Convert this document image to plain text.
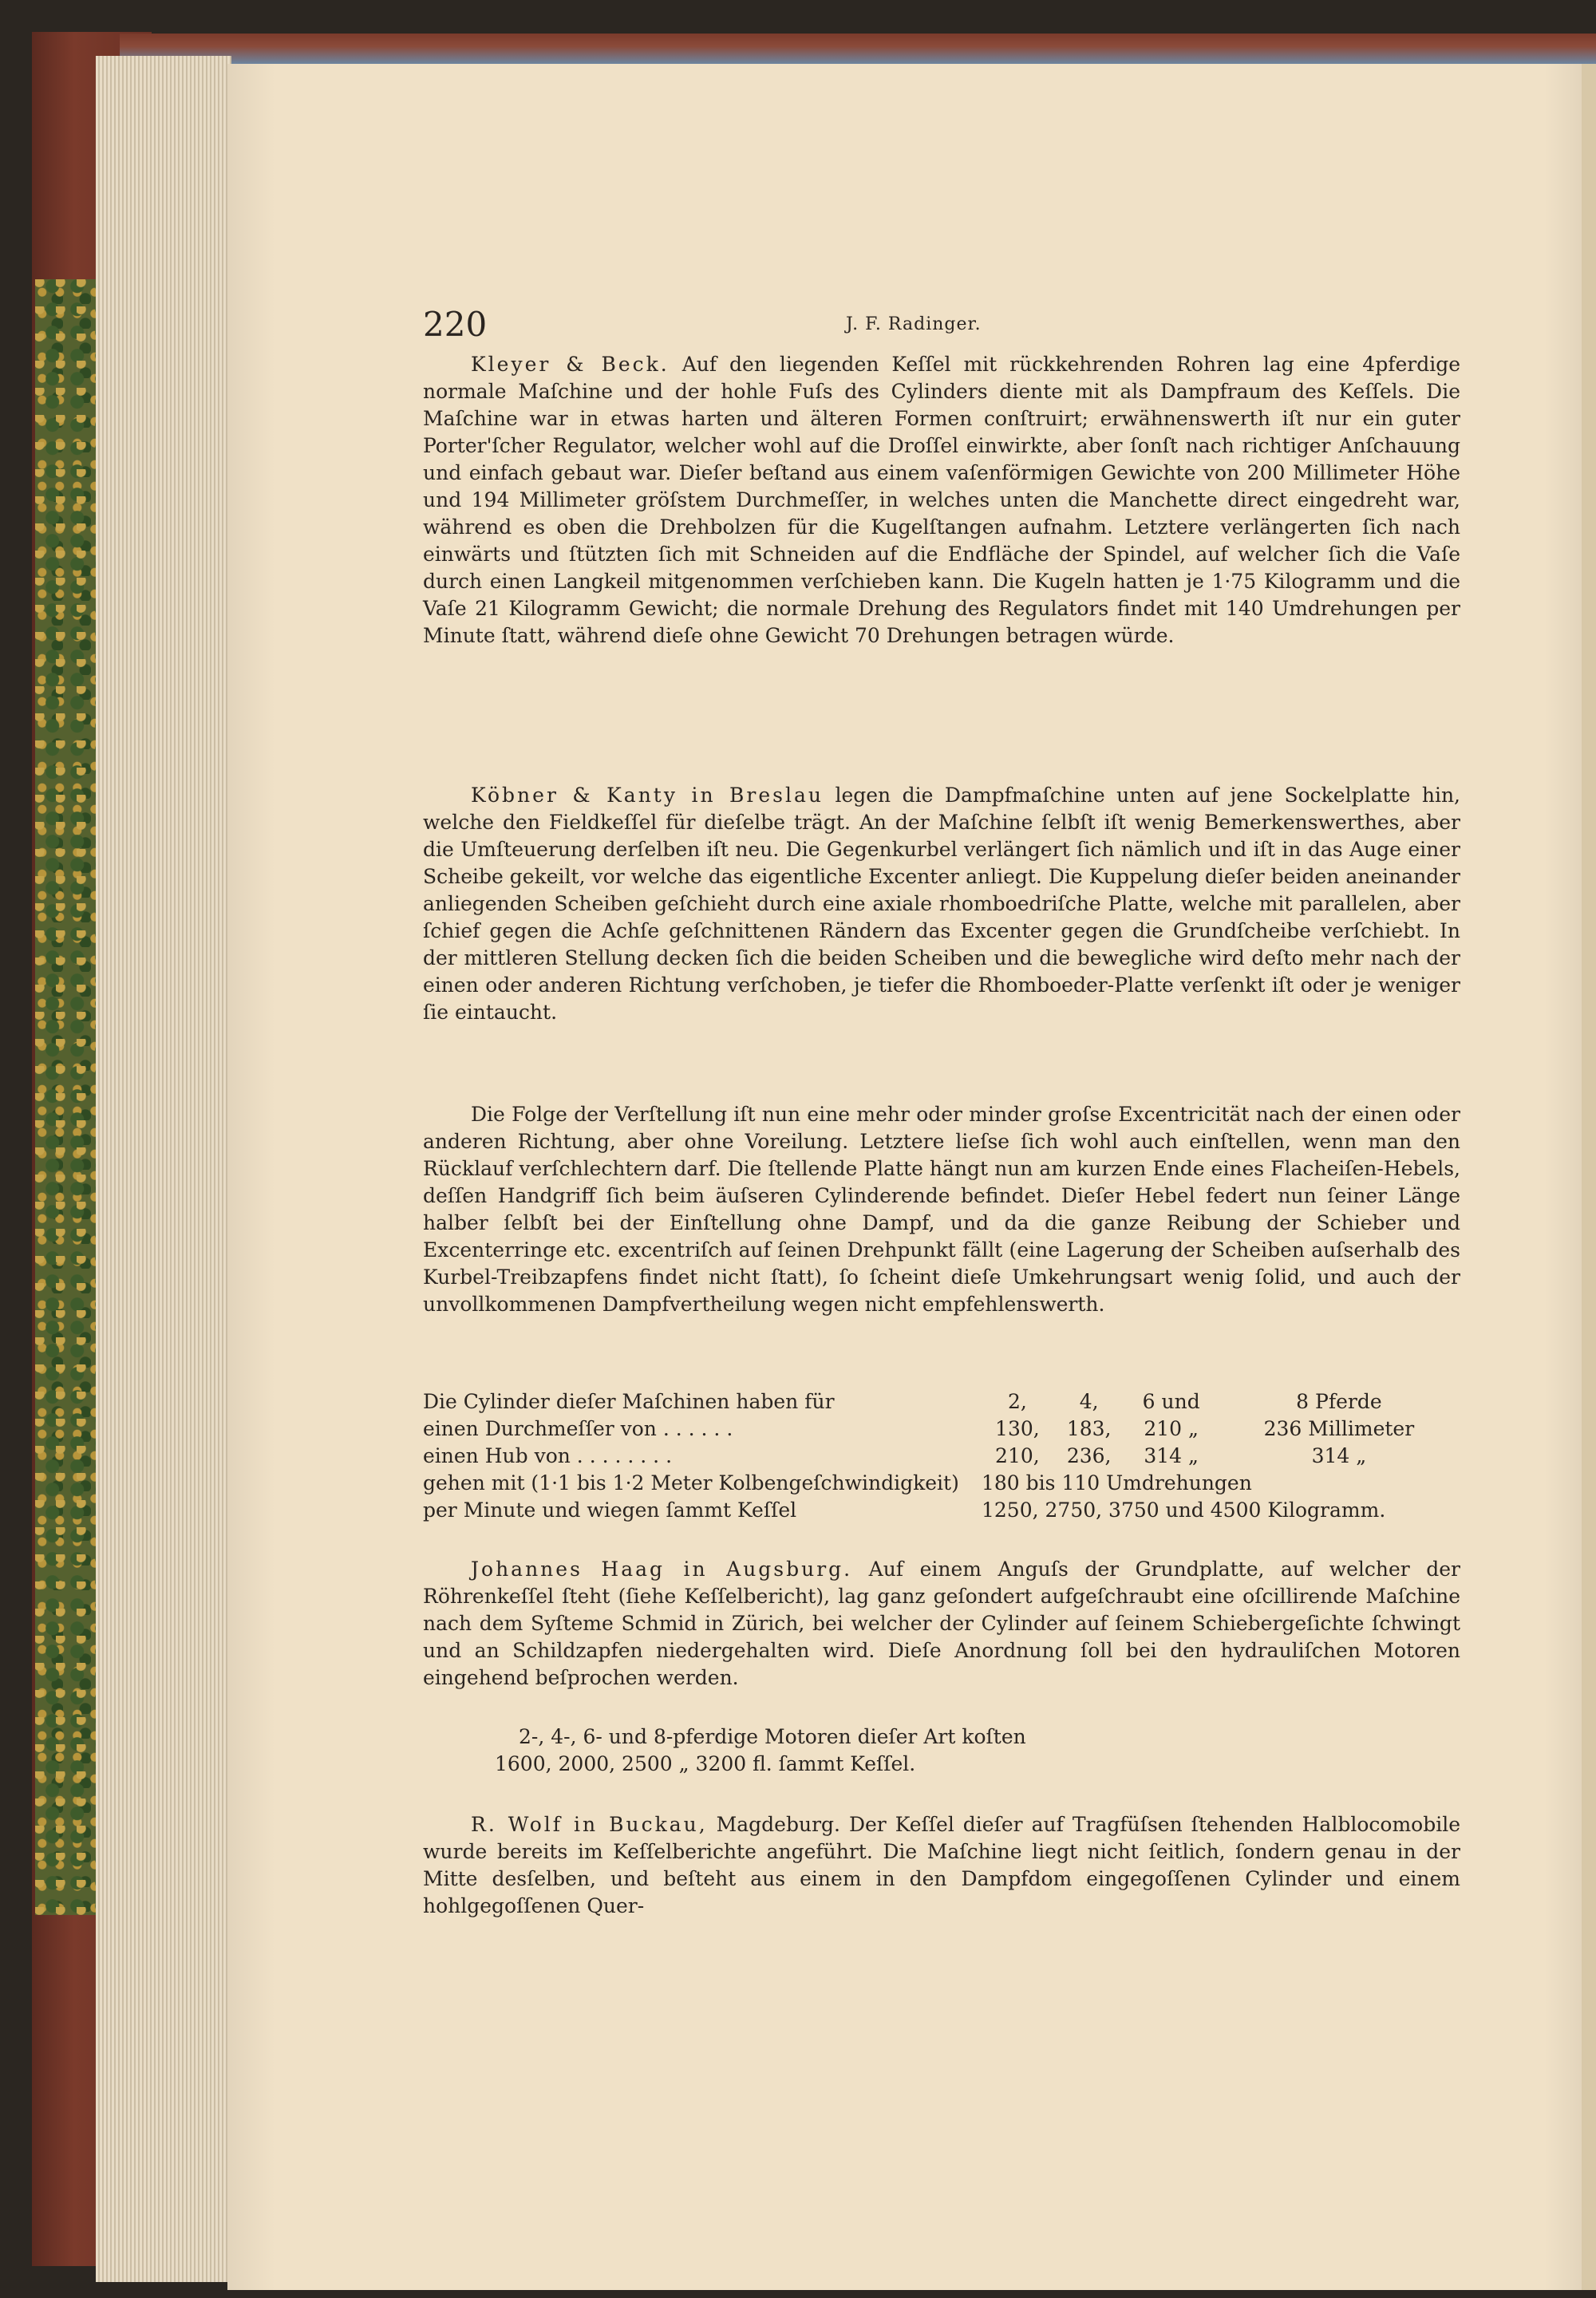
220	J. F. Radinger.

Kleyer & Beck. Auf den liegenden Keſſel mit rückkehrenden Rohren lag eine 4pferdige normale Maſchine und der hohle Fuſs des Cylinders diente mit als Dampfraum des Keſſels. Die Maſchine war in etwas harten und älteren Formen conſtruirt; erwähnenswerth iſt nur ein guter Porter'ſcher Regulator, welcher wohl auf die Droſſel einwirkte, aber ſonſt nach richtiger Anſchauung und einfach gebaut war. Dieſer beſtand aus einem vaſenförmigen Gewichte von 200 Millimeter Höhe und 194 Millimeter gröſstem Durchmeſſer, in welches unten die Manchette direct eingedreht war, während es oben die Drehbolzen für die Kugelſtangen aufnahm. Letztere verlängerten ſich nach einwärts und ſtützten ſich mit Schneiden auf die Endfläche der Spindel, auf welcher ſich die Vaſe durch einen Langkeil mitgenommen verſchieben kann. Die Kugeln hatten je 1·75 Kilogramm und die Vaſe 21 Kilogramm Gewicht; die normale Drehung des Regulators findet mit 140 Umdrehungen per Minute ſtatt, während dieſe ohne Gewicht 70 Drehungen betragen würde.

Köbner & Kanty in Breslau legen die Dampfmaſchine unten auf jene Sockelplatte hin, welche den Fieldkeſſel für dieſelbe trägt. An der Maſchine ſelbſt iſt wenig Bemerkenswerthes, aber die Umſteuerung derſelben iſt neu. Die Gegenkurbel verlängert ſich nämlich und iſt in das Auge einer Scheibe gekeilt, vor welche das eigentliche Excenter anliegt. Die Kuppelung dieſer beiden aneinander anliegenden Scheiben geſchieht durch eine axiale rhomboedriſche Platte, welche mit parallelen, aber ſchief gegen die Achſe geſchnittenen Rändern das Excenter gegen die Grundſcheibe verſchiebt. In der mittleren Stellung decken ſich die beiden Scheiben und die bewegliche wird deſto mehr nach der einen oder anderen Richtung verſchoben, je tiefer die Rhomboeder-Platte verſenkt iſt oder je weniger ſie eintaucht.

Die Folge der Verſtellung iſt nun eine mehr oder minder groſse Excentricität nach der einen oder anderen Richtung, aber ohne Voreilung. Letztere lieſse ſich wohl auch einſtellen, wenn man den Rücklauf verſchlechtern darf. Die ſtellende Platte hängt nun am kurzen Ende eines Flacheiſen-Hebels, deſſen Handgriff ſich beim äuſseren Cylinderende befindet. Dieſer Hebel federt nun ſeiner Länge halber ſelbſt bei der Einſtellung ohne Dampf, und da die ganze Reibung der Schieber und Excenterringe etc. excentriſch auf ſeinen Drehpunkt fällt (eine Lagerung der Scheiben auſserhalb des Kurbel-Treibzapfens findet nicht ſtatt), ſo ſcheint dieſe Umkehrungsart wenig ſolid, und auch der unvollkommenen Dampfvertheilung wegen nicht empfehlenswerth.

Die Cylinder dieſer Maſchinen haben für	2,	4,	6 und	8 Pferde
einen Durchmeſſer von . . . . . .	130,	183,	210 „	236 Millimeter
einen Hub von . . . . . . . .	210,	236,	314 „	314 „
gehen mit (1·1 bis 1·2 Meter Kolbengeſchwindigkeit)	180 bis 110 Umdrehungen			
per Minute und wiegen ſammt Keſſel	1250, 2750, 3750 und 4500 Kilogramm.			

Johannes Haag in Augsburg. Auf einem Anguſs der Grundplatte, auf welcher der Röhrenkeſſel ſteht (ſiehe Keſſelbericht), lag ganz geſondert aufgeſchraubt eine oſcillirende Maſchine nach dem Syſteme Schmid in Zürich, bei welcher der Cylinder auf ſeinem Schiebergeſichte ſchwingt und an Schildzapfen niedergehalten wird. Dieſe Anordnung ſoll bei den hydrauliſchen Motoren eingehend beſprochen werden.

2-, 4-, 6- und 8-pferdige Motoren dieſer Art koſten
1600, 2000, 2500 „ 3200 fl. ſammt Keſſel.

R. Wolf in Buckau, Magdeburg. Der Keſſel dieſer auf Tragfüſsen ſtehenden Halblocomobile wurde bereits im Keſſelberichte angeführt. Die Maſchine liegt nicht ſeitlich, ſondern genau in der Mitte desſelben, und beſteht aus einem in den Dampfdom eingegoſſenen Cylinder und einem hohlgegoſſenen Quer-
